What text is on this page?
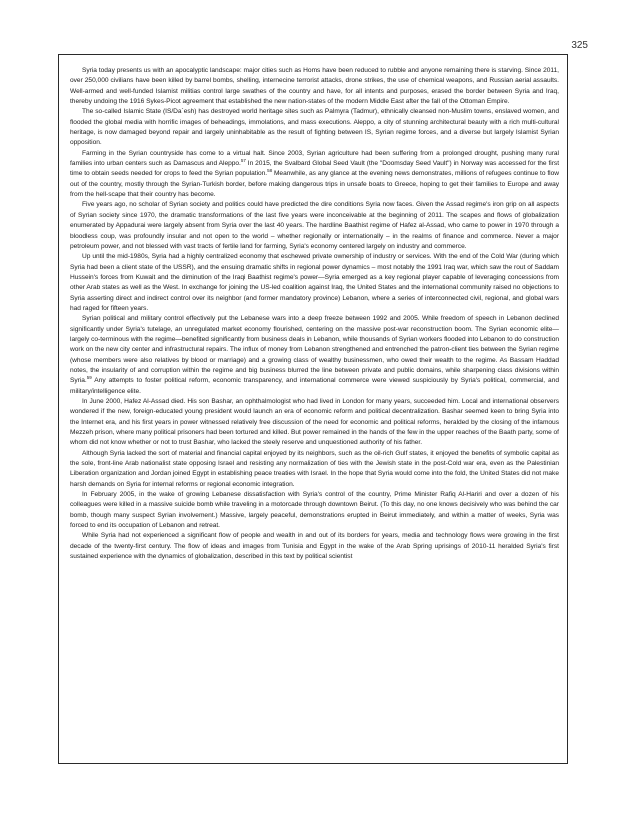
325

Syria today presents us with an apocalyptic landscape: major cities such as Homs have been reduced to rubble and anyone remaining there is starving. Since 2011, over 250,000 civilians have been killed by barrel bombs, shelling, internecine terrorist attacks, drone strikes, the use of chemical weapons, and Russian aerial assaults. Well-armed and well-funded Islamist militias control large swathes of the country and have, for all intents and purposes, erased the border between Syria and Iraq, thereby undoing the 1916 Sykes-Picot agreement that established the new nation-states of the modern Middle East after the fall of the Ottoman Empire.

The so-called Islamic State (IS/Da`esh) has destroyed world heritage sites such as Palmyra (Tadmur), ethnically cleansed non-Muslim towns, enslaved women, and flooded the global media with horrific images of beheadings, immolations, and mass executions. Aleppo, a city of stunning architectural beauty with a rich multi-cultural heritage, is now damaged beyond repair and largely uninhabitable as the result of fighting between IS, Syrian regime forces, and a diverse but largely Islamist Syrian opposition.

Farming in the Syrian countryside has come to a virtual halt. Since 2003, Syrian agriculture had been suffering from a prolonged drought, pushing many rural families into urban centers such as Damascus and Aleppo.$^{57}$ In 2015, the Svalbard Global Seed Vault (the "Doomsday Seed Vault") in Norway was accessed for the first time to obtain seeds needed for crops to feed the Syrian population.$^{58}$ Meanwhile, as any glance at the evening news demonstrates, millions of refugees continue to flow out of the country, mostly through the Syrian-Turkish border, before making dangerous trips in unsafe boats to Greece, hoping to get their families to Europe and away from the hell-scape that their country has become.

Five years ago, no scholar of Syrian society and politics could have predicted the dire conditions Syria now faces. Given the Assad regime's iron grip on all aspects of Syrian society since 1970, the dramatic transformations of the last five years were inconceivable at the beginning of 2011. The scapes and flows of globalization enumerated by Appadurai were largely absent from Syria over the last 40 years. The hardline Baathist regime of Hafez al-Assad, who came to power in 1970 through a bloodless coup, was profoundly insular and not open to the world – whether regionally or internationally – in the realms of finance and commerce. Never a major petroleum power, and not blessed with vast tracts of fertile land for farming, Syria's economy centered largely on industry and commerce.

Up until the mid-1980s, Syria had a highly centralized economy that eschewed private ownership of industry or services. With the end of the Cold War (during which Syria had been a client state of the USSR), and the ensuing dramatic shifts in regional power dynamics – most notably the 1991 Iraq war, which saw the rout of Saddam Hussein's forces from Kuwait and the diminution of the Iraqi Baathist regime's power—Syria emerged as a key regional player capable of leveraging concessions from other Arab states as well as the West. In exchange for joining the US-led coalition against Iraq, the United States and the international community raised no objections to Syria asserting direct and indirect control over its neighbor (and former mandatory province) Lebanon, where a series of interconnected civil, regional, and global wars had raged for fifteen years.

Syrian political and military control effectively put the Lebanese wars into a deep freeze between 1992 and 2005. While freedom of speech in Lebanon declined significantly under Syria's tutelage, an unregulated market economy flourished, centering on the massive post-war reconstruction boom. The Syrian economic elite—largely co-terminous with the regime—benefited significantly from business deals in Lebanon, while thousands of Syrian workers flooded into Lebanon to do construction work on the new city center and infrastructural repairs. The influx of money from Lebanon strengthened and entrenched the patron-client ties between the Syrian regime (whose members were also relatives by blood or marriage) and a growing class of wealthy businessmen, who owed their wealth to the regime. As Bassam Haddad notes, the insularity of and corruption within the regime and big business blurred the line between private and public domains, while sharpening class divisions within Syria.$^{59}$ Any attempts to foster political reform, economic transparency, and international commerce were viewed suspiciously by Syria's political, commercial, and military/intelligence elite.

In June 2000, Hafez Al-Assad died. His son Bashar, an ophthalmologist who had lived in London for many years, succeeded him. Local and international observers wondered if the new, foreign-educated young president would launch an era of economic reform and political decentralization. Bashar seemed keen to bring Syria into the Internet era, and his first years in power witnessed relatively free discussion of the need for economic and political reforms, heralded by the closing of the infamous Mezzeh prison, where many political prisoners had been tortured and killed. But power remained in the hands of the few in the upper reaches of the Baath party, some of whom did not know whether or not to trust Bashar, who lacked the steely reserve and unquestioned authority of his father.

Although Syria lacked the sort of material and financial capital enjoyed by its neighbors, such as the oil-rich Gulf states, it enjoyed the benefits of symbolic capital as the sole, front-line Arab nationalist state opposing Israel and resisting any normalization of ties with the Jewish state in the post-Cold war era, even as the Palestinian Liberation organization and Jordan joined Egypt in establishing peace treaties with Israel. In the hope that Syria would come into the fold, the United States did not make harsh demands on Syria for internal reforms or regional economic integration.

In February 2005, in the wake of growing Lebanese dissatisfaction with Syria's control of the country, Prime Minister Rafiq Al-Hariri and over a dozen of his colleagues were killed in a massive suicide bomb while traveling in a motorcade through downtown Beirut. (To this day, no one knows decisively who was behind the car bomb, though many suspect Syrian involvement.) Massive, largely peaceful, demonstrations erupted in Beirut immediately, and within a matter of weeks, Syria was forced to end its occupation of Lebanon and retreat.

While Syria had not experienced a significant flow of people and wealth in and out of its borders for years, media and technology flows were growing in the first decade of the twenty-first century. The flow of ideas and images from Tunisia and Egypt in the wake of the Arab Spring uprisings of 2010-11 heralded Syria's first sustained experience with the dynamics of globalization, described in this text by political scientist
